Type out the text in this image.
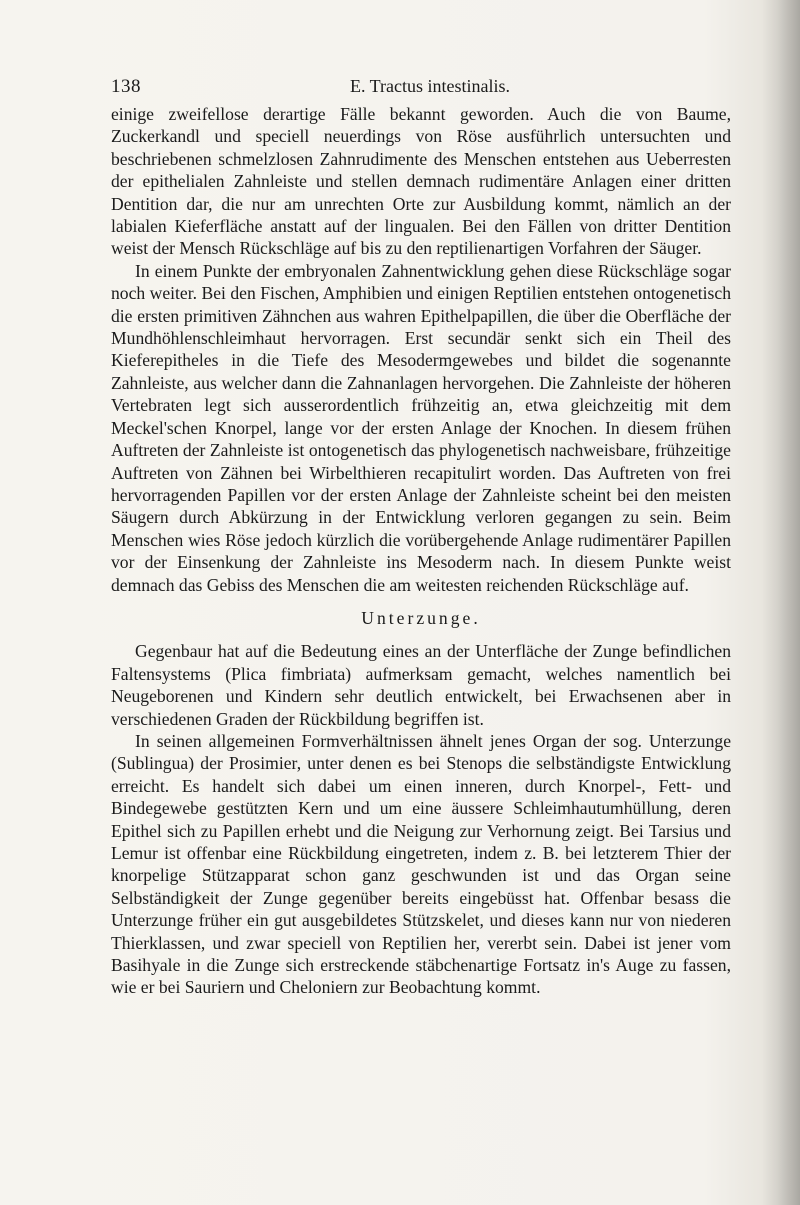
138	E. Tractus intestinalis.

einige zweifellose derartige Fälle bekannt geworden. Auch die von Baume, Zuckerkandl und speciell neuerdings von Röse ausführlich untersuchten und beschriebenen schmelzlosen Zahnrudimente des Menschen entstehen aus Ueberresten der epithelialen Zahnleiste und stellen demnach rudimentäre Anlagen einer dritten Dentition dar, die nur am unrechten Orte zur Ausbildung kommt, nämlich an der labialen Kieferfläche anstatt auf der lingualen. Bei den Fällen von dritter Dentition weist der Mensch Rückschläge auf bis zu den reptilienartigen Vorfahren der Säuger.

In einem Punkte der embryonalen Zahnentwicklung gehen diese Rückschläge sogar noch weiter. Bei den Fischen, Amphibien und einigen Reptilien entstehen ontogenetisch die ersten primitiven Zähnchen aus wahren Epithelpapillen, die über die Oberfläche der Mundhöhlenschleimhaut hervorragen. Erst secundär senkt sich ein Theil des Kieferepitheles in die Tiefe des Mesodermgewebes und bildet die sogenannte Zahnleiste, aus welcher dann die Zahnanlagen hervorgehen. Die Zahnleiste der höheren Vertebraten legt sich ausserordentlich frühzeitig an, etwa gleichzeitig mit dem Meckel'schen Knorpel, lange vor der ersten Anlage der Knochen. In diesem frühen Auftreten der Zahnleiste ist ontogenetisch das phylogenetisch nachweisbare, frühzeitige Auftreten von Zähnen bei Wirbelthieren recapitulirt worden. Das Auftreten von frei hervorragenden Papillen vor der ersten Anlage der Zahnleiste scheint bei den meisten Säugern durch Abkürzung in der Entwicklung verloren gegangen zu sein. Beim Menschen wies Röse jedoch kürzlich die vorübergehende Anlage rudimentärer Papillen vor der Einsenkung der Zahnleiste ins Mesoderm nach. In diesem Punkte weist demnach das Gebiss des Menschen die am weitesten reichenden Rückschläge auf.

Unterzunge.

Gegenbaur hat auf die Bedeutung eines an der Unterfläche der Zunge befindlichen Faltensystems (Plica fimbriata) aufmerksam gemacht, welches namentlich bei Neugeborenen und Kindern sehr deutlich entwickelt, bei Erwachsenen aber in verschiedenen Graden der Rückbildung begriffen ist.

In seinen allgemeinen Formverhältnissen ähnelt jenes Organ der sog. Unterzunge (Sublingua) der Prosimier, unter denen es bei Stenops die selbständigste Entwicklung erreicht. Es handelt sich dabei um einen inneren, durch Knorpel-, Fett- und Bindegewebe gestützten Kern und um eine äussere Schleimhautumhüllung, deren Epithel sich zu Papillen erhebt und die Neigung zur Verhornung zeigt. Bei Tarsius und Lemur ist offenbar eine Rückbildung eingetreten, indem z. B. bei letzterem Thier der knorpelige Stützapparat schon ganz geschwunden ist und das Organ seine Selbständigkeit der Zunge gegenüber bereits eingebüsst hat. Offenbar besass die Unterzunge früher ein gut ausgebildetes Stützskelet, und dieses kann nur von niederen Thierklassen, und zwar speciell von Reptilien her, vererbt sein. Dabei ist jener vom Basihyale in die Zunge sich erstreckende stäbchenartige Fortsatz in's Auge zu fassen, wie er bei Sauriern und Cheloniern zur Beobachtung kommt.
